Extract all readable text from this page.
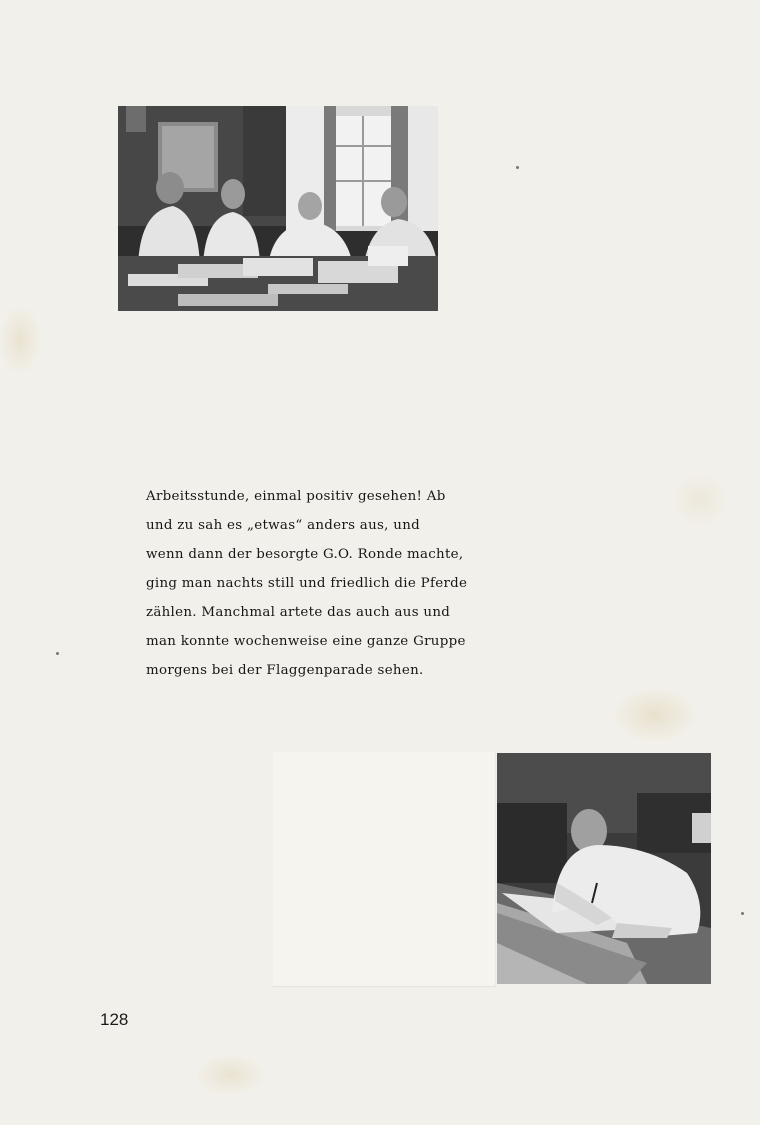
Arbeitsstunde, einmal positiv gesehen! Ab
und zu sah es „etwas“ anders aus, und
wenn dann der besorgte G.O. Ronde machte,
ging man nachts still und friedlich die Pferde
zählen. Manchmal artete das auch aus und
man konnte wochenweise eine ganze Gruppe
morgens bei der Flaggenparade sehen.
128
